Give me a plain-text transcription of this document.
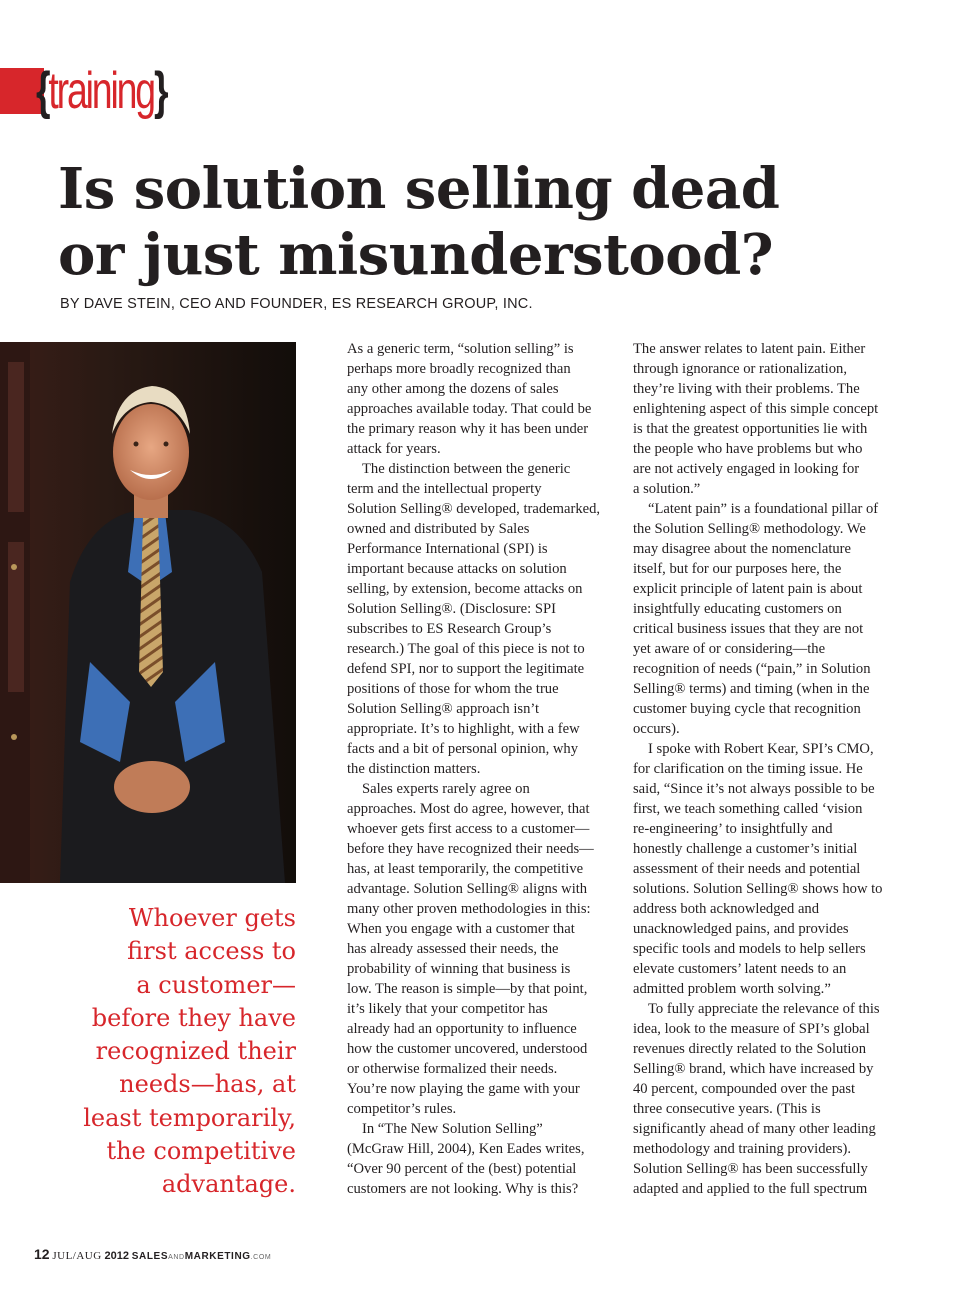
{training}
Is solution selling dead
or just misunderstood?
BY DAVE STEIN, CEO AND FOUNDER, ES RESEARCH GROUP, INC.
Whoever gets
first access to
a customer—
before they have
recognized their
needs—has, at
least temporarily,
the competitive
advantage.

As a generic term, “solution selling” is
perhaps more broadly recognized than
any other among the dozens of sales
approaches available today. That could be
the primary reason why it has been under
attack for years.

The distinction between the generic
term and the intellectual property
Solution Selling® developed, trademarked,
owned and distributed by Sales
Performance International (SPI) is
important because attacks on solution
selling, by extension, become attacks on
Solution Selling®. (Disclosure: SPI
subscribes to ES Research Group’s
research.) The goal of this piece is not to
defend SPI, nor to support the legitimate
positions of those for whom the true
Solution Selling® approach isn’t
appropriate. It’s to highlight, with a few
facts and a bit of personal opinion, why
the distinction matters.

Sales experts rarely agree on
approaches. Most do agree, however, that
whoever gets first access to a customer—
before they have recognized their needs—
has, at least temporarily, the competitive
advantage. Solution Selling® aligns with
many other proven methodologies in this:
When you engage with a customer that
has already assessed their needs, the
probability of winning that business is
low. The reason is simple—by that point,
it’s likely that your competitor has
already had an opportunity to influence
how the customer uncovered, understood
or otherwise formalized their needs.
You’re now playing the game with your
competitor’s rules.

In “The New Solution Selling”
(McGraw Hill, 2004), Ken Eades writes,
“Over 90 percent of the (best) potential
customers are not looking. Why is this?

The answer relates to latent pain. Either
through ignorance or rationalization,
they’re living with their problems. The
enlightening aspect of this simple concept
is that the greatest opportunities lie with
the people who have problems but who
are not actively engaged in looking for
a solution.”

“Latent pain” is a foundational pillar of
the Solution Selling® methodology. We
may disagree about the nomenclature
itself, but for our purposes here, the
explicit principle of latent pain is about
insightfully educating customers on
critical business issues that they are not
yet aware of or considering—the
recognition of needs (“pain,” in Solution
Selling® terms) and timing (when in the
customer buying cycle that recognition
occurs).

I spoke with Robert Kear, SPI’s CMO,
for clarification on the timing issue. He
said, “Since it’s not always possible to be
first, we teach something called ‘vision
re-engineering’ to insightfully and
honestly challenge a customer’s initial
assessment of their needs and potential
solutions. Solution Selling® shows how to
address both acknowledged and
unacknowledged pains, and provides
specific tools and models to help sellers
elevate customers’ latent needs to an
admitted problem worth solving.”

To fully appreciate the relevance of this
idea, look to the measure of SPI’s global
revenues directly related to the Solution
Selling® brand, which have increased by
40 percent, compounded over the past
three consecutive years. (This is
significantly ahead of many other leading
methodology and training providers).
Solution Selling® has been successfully
adapted and applied to the full spectrum

12 JUL/AUG 2012 SALESANDMARKETING.COM
